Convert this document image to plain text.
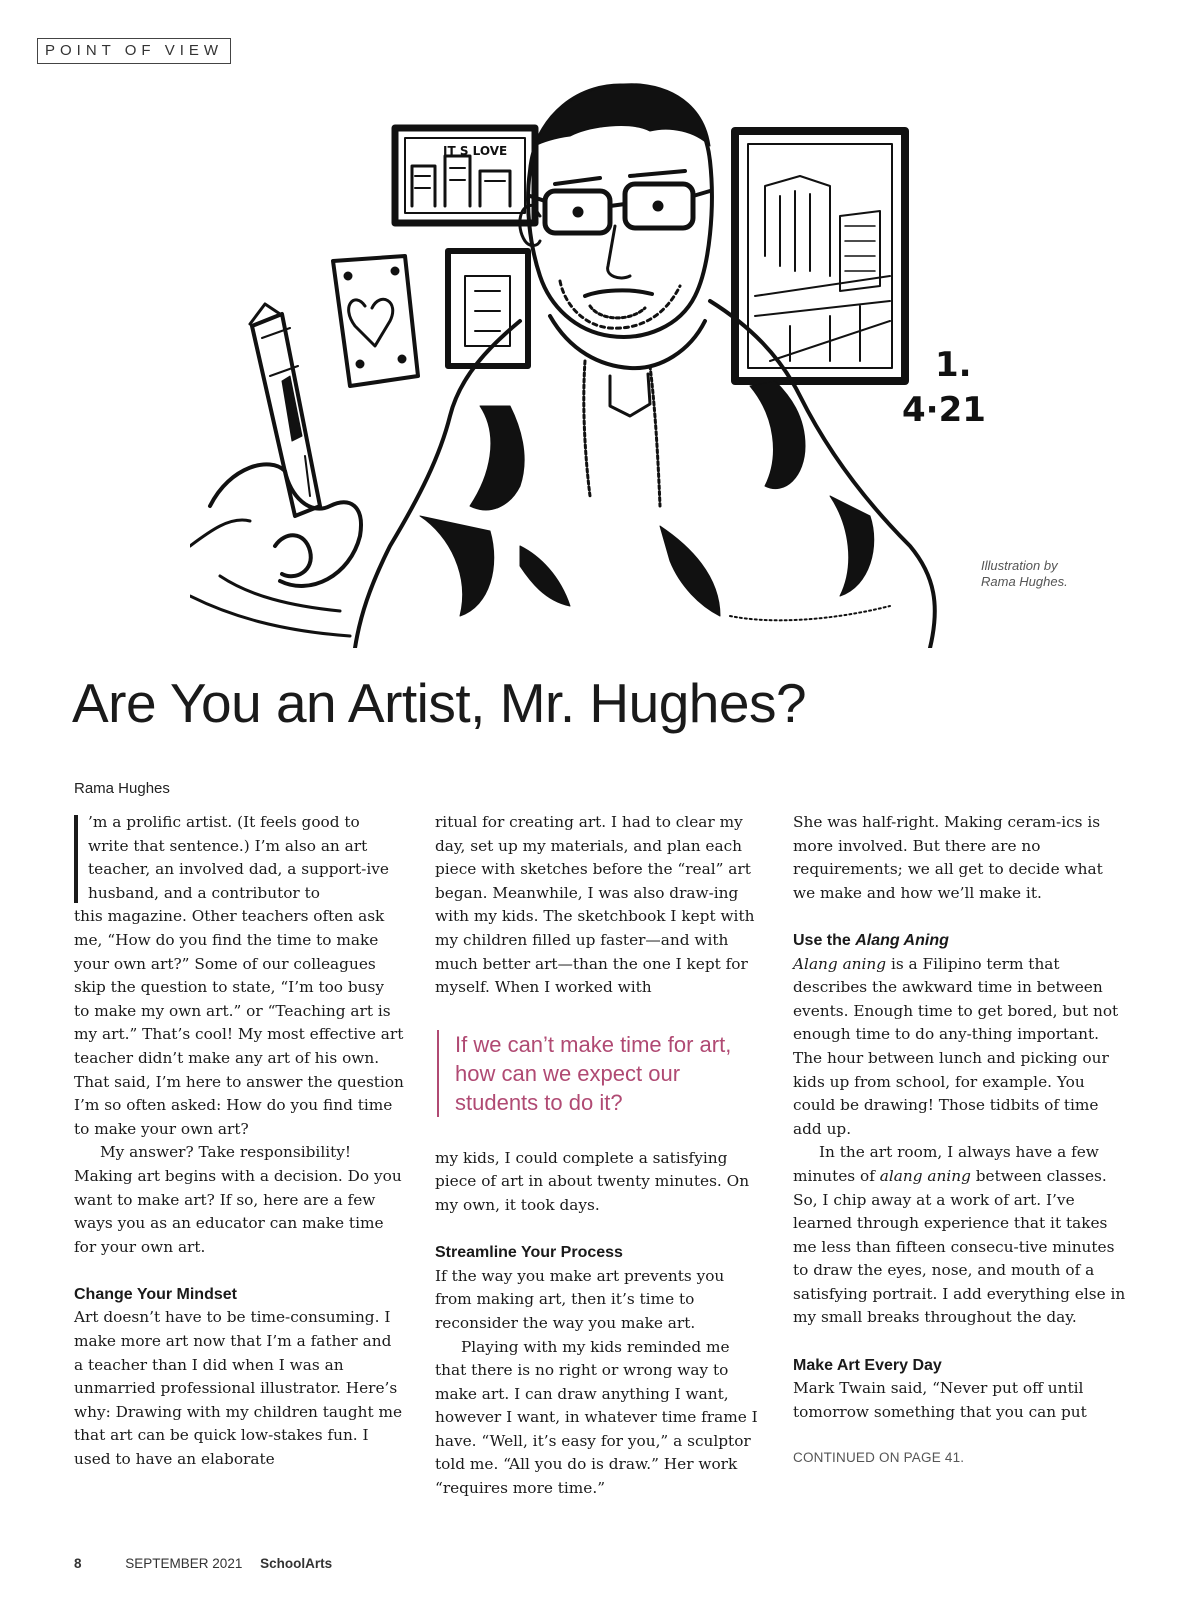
POINT OF VIEW
IT S LOVE
1.
4·21
Illustration by
Rama Hughes.
Are You an Artist, Mr. Hughes?
Rama Hughes

’m a prolific artist. (It feels good to write that sentence.) I’m also an art teacher, an involved dad, a support-ive husband, and a contributor to

this magazine. Other teachers often ask me, “How do you find the time to make your own art?” Some of our colleagues skip the question to state, “I’m too busy to make my own art.” or “Teaching art is my art.” That’s cool! My most effective art teacher didn’t make any art of his own. That said, I’m here to answer the question I’m so often asked: How do you find time to make your own art?

My answer? Take responsibility! Making art begins with a decision. Do you want to make art? If so, here are a few ways you as an educator can make time for your own art.

Change Your Mindset

Art doesn’t have to be time-consuming. I make more art now that I’m a father and a teacher than I did when I was an unmarried professional illustrator. Here’s why: Drawing with my children taught me that art can be quick low-stakes fun. I used to have an elaborate

ritual for creating art. I had to clear my day, set up my materials, and plan each piece with sketches before the “real” art began. Meanwhile, I was also draw-ing with my kids. The sketchbook I kept with my children filled up faster—and with much better art—than the one I kept for myself. When I worked with

If we can’t make time for art, how can we expect our students to do it?

my kids, I could complete a satisfying piece of art in about twenty minutes. On my own, it took days.

Streamline Your Process

If the way you make art prevents you from making art, then it’s time to reconsider the way you make art.

Playing with my kids reminded me that there is no right or wrong way to make art. I can draw anything I want, however I want, in whatever time frame I have. “Well, it’s easy for you,” a sculptor told me. “All you do is draw.” Her work “requires more time.”

She was half-right. Making ceram-ics is more involved. But there are no requirements; we all get to decide what we make and how we’ll make it.

Use the Alang Aning

Alang aning is a Filipino term that describes the awkward time in between events. Enough time to get bored, but not enough time to do any-thing important. The hour between lunch and picking our kids up from school, for example. You could be drawing! Those tidbits of time add up.

In the art room, I always have a few minutes of alang aning between classes. So, I chip away at a work of art. I’ve learned through experience that it takes me less than fifteen consecu-tive minutes to draw the eyes, nose, and mouth of a satisfying portrait. I add everything else in my small breaks throughout the day.

Make Art Every Day

Mark Twain said, “Never put off until tomorrow something that you can put

CONTINUED ON PAGE 41.
8	SEPTEMBER 2021 SchoolArts
